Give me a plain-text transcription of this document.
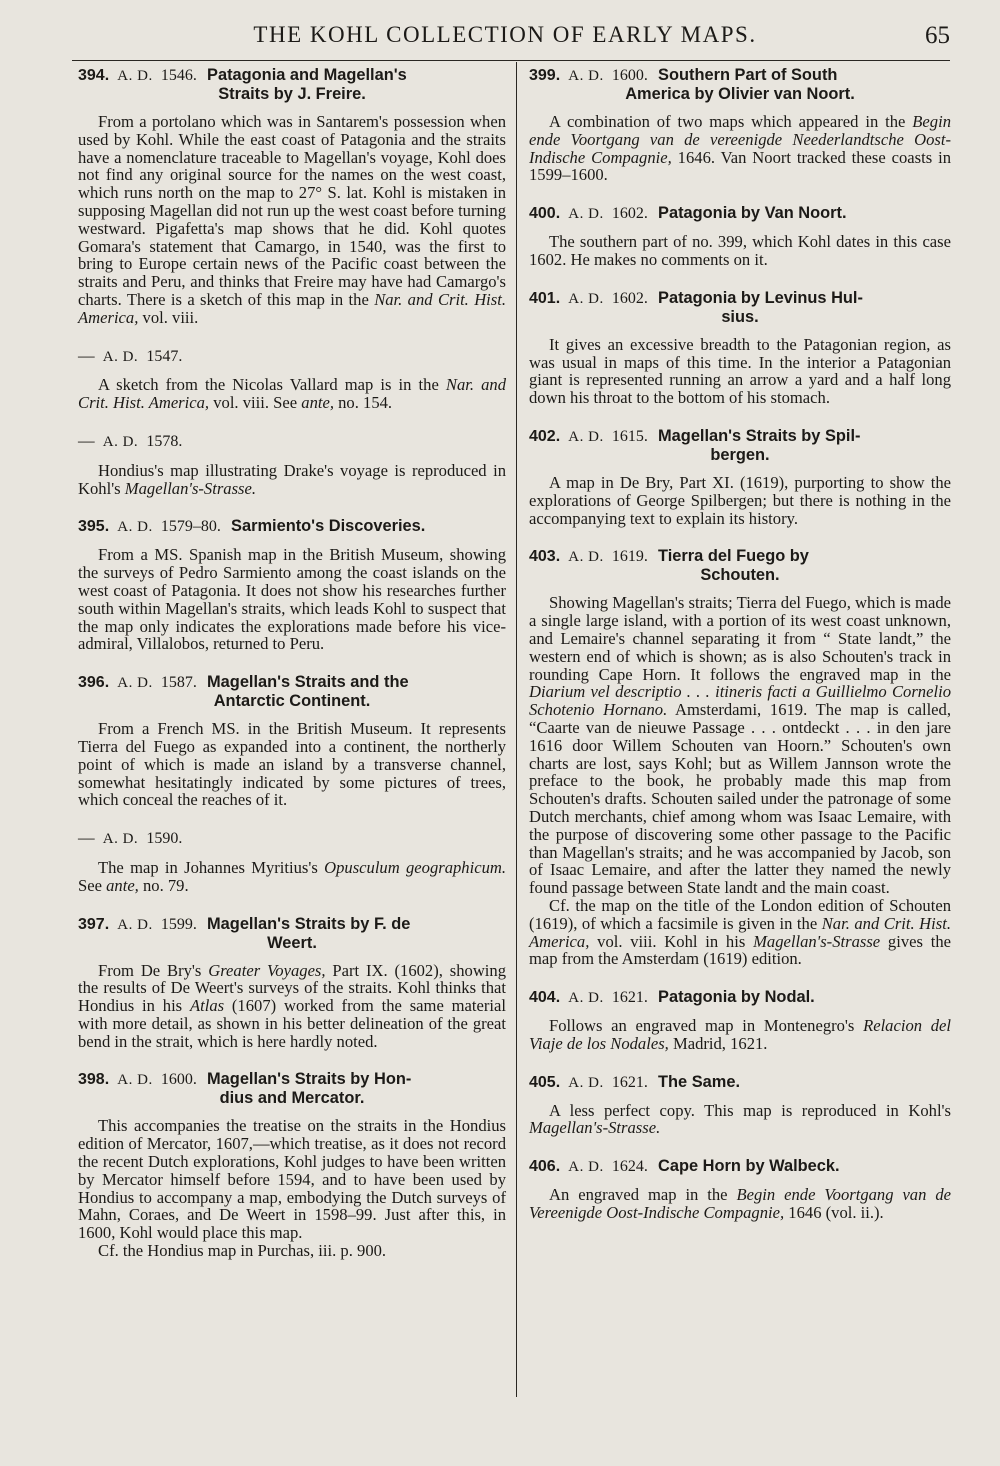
THE KOHL COLLECTION OF EARLY MAPS.	65
394. A. D. 1546. Patagonia and Magellan's
Straits by J. Freire.

From a portolano which was in Santarem's possession when used by Kohl. While the east coast of Patagonia and the straits have a nomenclature traceable to Magellan's voyage, Kohl does not find any original source for the names on the west coast, which runs north on the map to 27° S. lat. Kohl is mistaken in supposing Magellan did not run up the west coast before turning westward. Pigafetta's map shows that he did. Kohl quotes Gomara's statement that Camargo, in 1540, was the first to bring to Europe certain news of the Pacific coast between the straits and Peru, and thinks that Freire may have had Camargo's charts. There is a sketch of this map in the Nar. and Crit. Hist. America, vol. viii.

— A. D. 1547.

A sketch from the Nicolas Vallard map is in the Nar. and Crit. Hist. America, vol. viii. See ante, no. 154.

— A. D. 1578.

Hondius's map illustrating Drake's voyage is reproduced in Kohl's Magellan's-Strasse.

395. A. D. 1579–80. Sarmiento's Discoveries.

From a MS. Spanish map in the British Museum, showing the surveys of Pedro Sarmiento among the coast islands on the west coast of Patagonia. It does not show his researches further south within Magellan's straits, which leads Kohl to suspect that the map only indicates the explorations made before his vice-admiral, Villalobos, returned to Peru.

396. A. D. 1587. Magellan's Straits and the
Antarctic Continent.

From a French MS. in the British Museum. It represents Tierra del Fuego as expanded into a continent, the northerly point of which is made an island by a transverse channel, somewhat hesitatingly indicated by some pictures of trees, which conceal the reaches of it.

— A. D. 1590.

The map in Johannes Myritius's Opusculum geographicum. See ante, no. 79.

397. A. D. 1599. Magellan's Straits by F. de
Weert.

From De Bry's Greater Voyages, Part IX. (1602), showing the results of De Weert's surveys of the straits. Kohl thinks that Hondius in his Atlas (1607) worked from the same material with more detail, as shown in his better delineation of the great bend in the strait, which is here hardly noted.

398. A. D. 1600. Magellan's Straits by Hon-
dius and Mercator.

This accompanies the treatise on the straits in the Hondius edition of Mercator, 1607,—which treatise, as it does not record the recent Dutch explorations, Kohl judges to have been written by Mercator himself before 1594, and to have been used by Hondius to accompany a map, embodying the Dutch surveys of Mahn, Coraes, and De Weert in 1598–99. Just after this, in 1600, Kohl would place this map.

Cf. the Hondius map in Purchas, iii. p. 900.

399. A. D. 1600. Southern Part of South
America by Olivier van Noort.

A combination of two maps which appeared in the Begin ende Voortgang van de vereenigde Neederlandtsche Oost-Indische Compagnie, 1646. Van Noort tracked these coasts in 1599–1600.

400. A. D. 1602. Patagonia by Van Noort.

The southern part of no. 399, which Kohl dates in this case 1602. He makes no comments on it.

401. A. D. 1602. Patagonia by Levinus Hul-
sius.

It gives an excessive breadth to the Patagonian region, as was usual in maps of this time. In the interior a Patagonian giant is represented running an arrow a yard and a half long down his throat to the bottom of his stomach.

402. A. D. 1615. Magellan's Straits by Spil-
bergen.

A map in De Bry, Part XI. (1619), purporting to show the explorations of George Spilbergen; but there is nothing in the accompanying text to explain its history.

403. A. D. 1619. Tierra del Fuego by
Schouten.

Showing Magellan's straits; Tierra del Fuego, which is made a single large island, with a portion of its west coast unknown, and Lemaire's channel separating it from “ State landt,” the western end of which is shown; as is also Schouten's track in rounding Cape Horn. It follows the engraved map in the Diarium vel descriptio . . . itineris facti a Guillielmo Cornelio Schotenio Hornano. Amsterdami, 1619. The map is called, “Caarte van de nieuwe Passage . . . ontdeckt . . . in den jare 1616 door Willem Schouten van Hoorn.” Schouten's own charts are lost, says Kohl; but as Willem Jannson wrote the preface to the book, he probably made this map from Schouten's drafts. Schouten sailed under the patronage of some Dutch merchants, chief among whom was Isaac Lemaire, with the purpose of discovering some other passage to the Pacific than Magellan's straits; and he was accompanied by Jacob, son of Isaac Lemaire, and after the latter they named the newly found passage between State landt and the main coast.

Cf. the map on the title of the London edition of Schouten (1619), of which a facsimile is given in the Nar. and Crit. Hist. America, vol. viii. Kohl in his Magellan's-Strasse gives the map from the Amsterdam (1619) edition.

404. A. D. 1621. Patagonia by Nodal.

Follows an engraved map in Montenegro's Relacion del Viaje de los Nodales, Madrid, 1621.

405. A. D. 1621. The Same.

A less perfect copy. This map is reproduced in Kohl's Magellan's-Strasse.

406. A. D. 1624. Cape Horn by Walbeck.

An engraved map in the Begin ende Voortgang van de Vereenigde Oost-Indische Compagnie, 1646 (vol. ii.).
